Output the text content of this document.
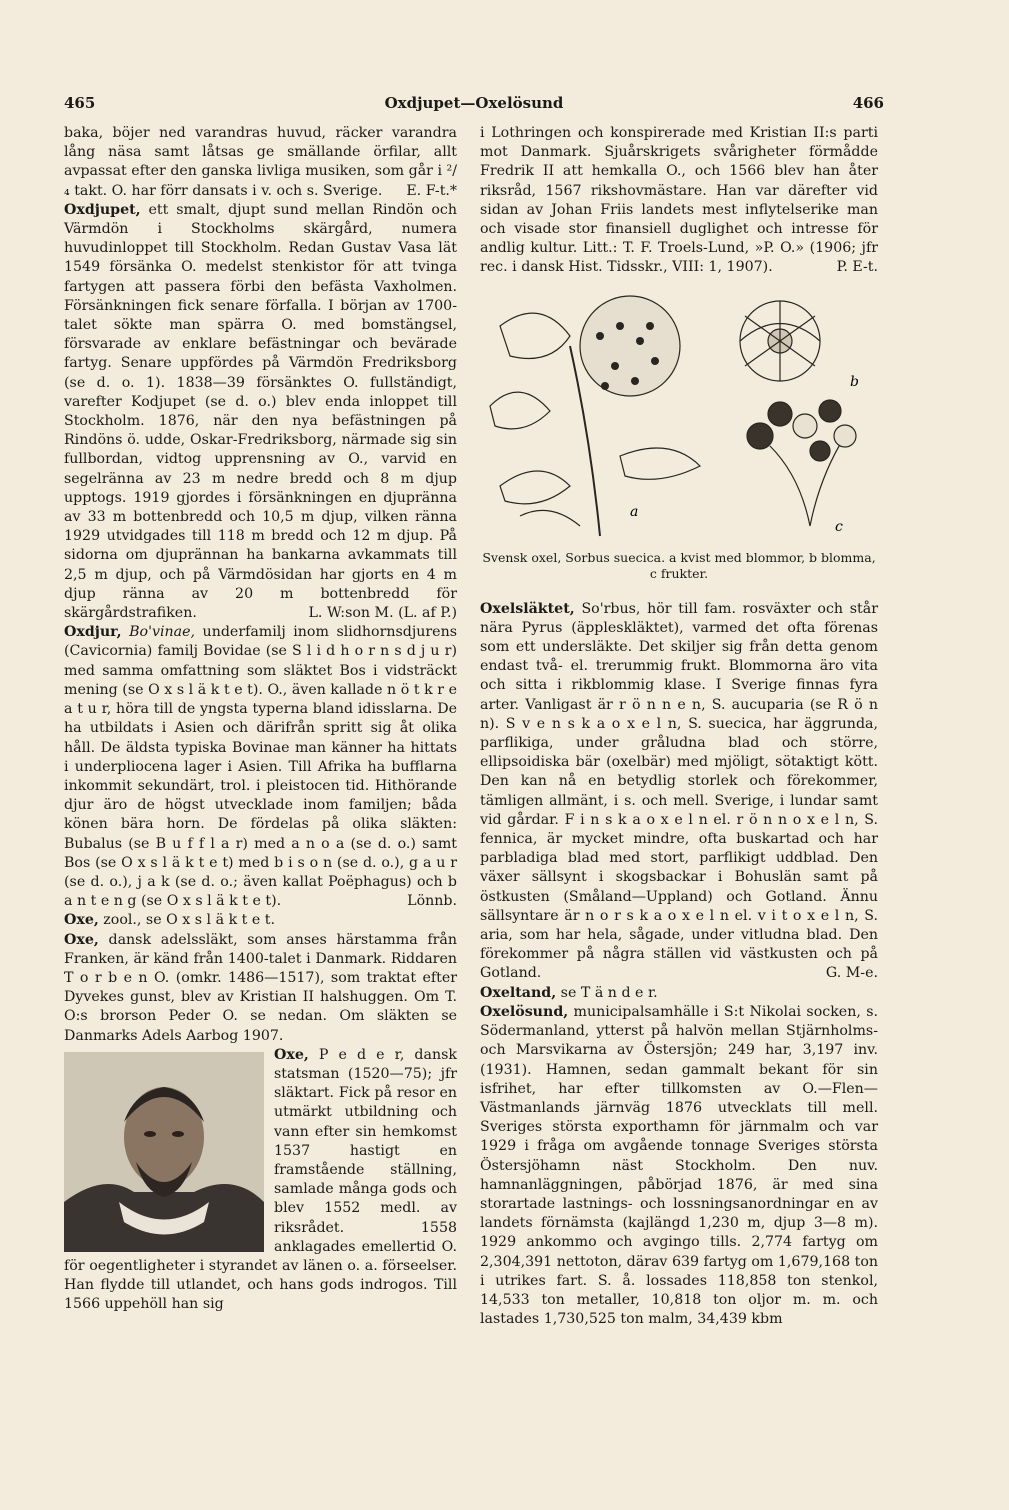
465	Oxdjupet—Oxelösund	466

baka, böjer ned varandras huvud, räcker varandra lång näsa samt låtsas ge smällande örfilar, allt avpassat efter den ganska livliga musiken, som går i ²/₄ takt. O. har förr dansats i v. och s. Sverige. E. F-t.*

Oxdjupet, ett smalt, djupt sund mellan Rindön och Värmdön i Stockholms skärgård, numera huvudinloppet till Stockholm. Redan Gustav Vasa lät 1549 försänka O. medelst stenkistor för att tvinga fartygen att passera förbi den befästa Vaxholmen. Försänkningen fick senare förfalla. I början av 1700-talet sökte man spärra O. med bomstängsel, försvarade av enklare befästningar och bevärade fartyg. Senare uppfördes på Värmdön Fredriksborg (se d. o. 1). 1838—39 försänktes O. fullständigt, varefter Kodjupet (se d. o.) blev enda inloppet till Stockholm. 1876, när den nya befästningen på Rindöns ö. udde, Oskar-Fredriksborg, närmade sig sin fullbordan, vidtog upprensning av O., varvid en segelränna av 23 m nedre bredd och 8 m djup upptogs. 1919 gjordes i försänkningen en djupränna av 33 m bottenbredd och 10,5 m djup, vilken ränna 1929 utvidgades till 118 m bredd och 12 m djup. På sidorna om djuprännan ha bankarna avkammats till 2,5 m djup, och på Värmdösidan har gjorts en 4 m djup ränna av 20 m bottenbredd för skärgårdstrafiken.	L. W:son M. (L. af P.)

Oxdjur, Bo'vinae, underfamilj inom slidhornsdjurens (Cavicornia) familj Bovidae (se S l i d h o r n s d j u r) med samma omfattning som släktet Bos i vidsträckt mening (se O x s l ä k t e t). O., även kallade n ö t k r e a t u r, höra till de yngsta typerna bland idisslarna. De ha utbildats i Asien och därifrån spritt sig åt olika håll. De äldsta typiska Bovinae man känner ha hittats i underpliocena lager i Asien. Till Afrika ha bufflarna inkommit sekundärt, trol. i pleistocen tid. Hithörande djur äro de högst utvecklade inom familjen; båda könen bära horn. De fördelas på olika släkten: Bubalus (se B u f f l a r) med a n o a (se d. o.) samt Bos (se O x s l ä k t e t) med b i s o n (se d. o.), g a u r (se d. o.), j a k (se d. o.; även kallat Poëphagus) och b a n t e n g (se O x s l ä k t e t).	Lönnb.

Oxe, zool., se O x s l ä k t e t.

Oxe, dansk adelssläkt, som anses härstamma från Franken, är känd från 1400-talet i Danmark. Riddaren T o r b e n O. (omkr. 1486—1517), som traktat efter Dyvekes gunst, blev av Kristian II halshuggen. Om T. O:s brorson Peder O. se nedan. Om släkten se Danmarks Adels Aarbog 1907.

Oxe, P e d e r, dansk statsman (1520—75); jfr släktart. Fick på resor en utmärkt utbildning och vann efter sin hemkomst 1537 hastigt en framstående ställning, samlade många gods och blev 1552 medl. av riksrådet. 1558 anklagades emellertid O. för oegentligheter i styrandet av länen o. a. förseelser. Han flydde till utlandet, och hans gods indrogos. Till 1566 uppehöll han sig

i Lothringen och konspirerade med Kristian II:s parti mot Danmark. Sjuårskrigets svårigheter förmådde Fredrik II att hemkalla O., och 1566 blev han åter riksråd, 1567 rikshovmästare. Han var därefter vid sidan av Johan Friis landets mest inflytelserike man och visade stor finansiell duglighet och intresse för andlig kultur. Litt.: T. F. Troels-Lund, »P. O.» (1906; jfr rec. i dansk Hist. Tidsskr., VIII: 1, 1907).	P. E-t.

a
b
c
Svensk oxel, Sorbus suecica. a kvist med blommor, b blomma, c frukter.

Oxelsläktet, So'rbus, hör till fam. rosväxter och står nära Pyrus (äppleskläktet), varmed det ofta förenas som ett undersläkte. Det skiljer sig från detta genom endast två- el. trerummig frukt. Blommorna äro vita och sitta i rikblommig klase. I Sverige finnas fyra arter. Vanligast är r ö n n e n, S. aucuparia (se R ö n n). S v e n s k a o x e l n, S. suecica, har äggrunda, parflikiga, under gråludna blad och större, ellipsoidiska bär (oxelbär) med mjöligt, sötaktigt kött. Den kan nå en betydlig storlek och förekommer, tämligen allmänt, i s. och mell. Sverige, i lundar samt vid gårdar. F i n s k a o x e l n el. r ö n n o x e l n, S. fennica, är mycket mindre, ofta buskartad och har parbladiga blad med stort, parflikigt uddblad. Den växer sällsynt i skogsbackar i Bohuslän samt på östkusten (Småland—Uppland) och Gotland. Ännu sällsyntare är n o r s k a o x e l n el. v i t o x e l n, S. aria, som har hela, sågade, under vitludna blad. Den förekommer på några ställen vid västkusten och på Gotland.	G. M-e.

Oxeltand, se T ä n d e r.

Oxelösund, municipalsamhälle i S:t Nikolai socken, s. Södermanland, ytterst på halvön mellan Stjärnholms- och Marsvikarna av Östersjön; 249 har, 3,197 inv. (1931). Hamnen, sedan gammalt bekant för sin isfrihet, har efter tillkomsten av O.—Flen—Västmanlands järnväg 1876 utvecklats till mell. Sveriges största exporthamn för järnmalm och var 1929 i fråga om avgående tonnage Sveriges största Östersjöhamn näst Stockholm. Den nuv. hamnanläggningen, påbörjad 1876, är med sina storartade lastnings- och lossningsanordningar en av landets förnämsta (kajlängd 1,230 m, djup 3—8 m). 1929 ankommo och avgingo tills. 2,774 fartyg om 2,304,391 nettoton, därav 639 fartyg om 1,679,168 ton i utrikes fart. S. å. lossades 118,858 ton stenkol, 14,533 ton metaller, 10,818 ton oljor m. m. och lastades 1,730,525 ton malm, 34,439 kbm
